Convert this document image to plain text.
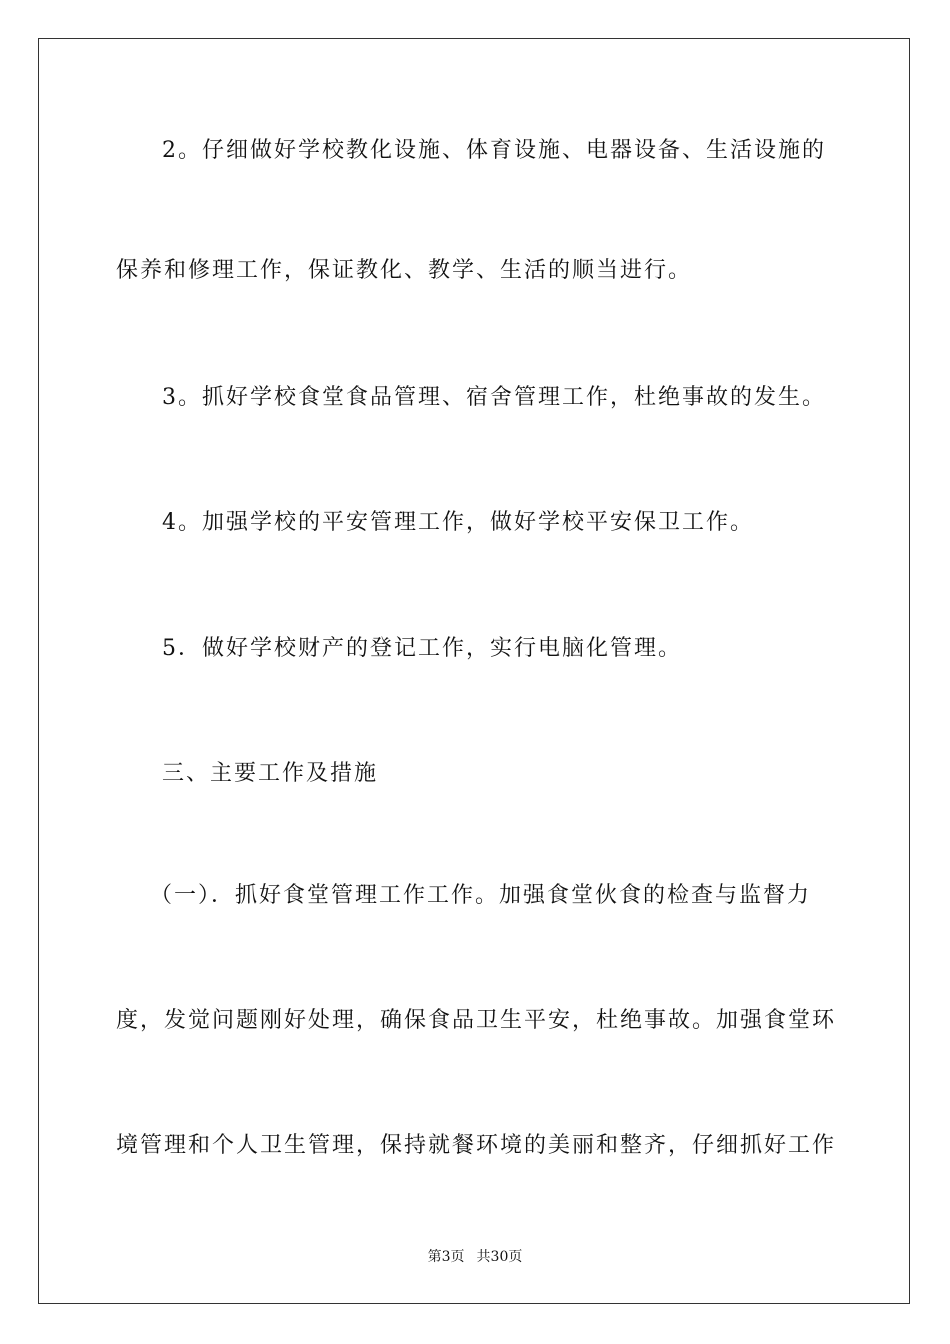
2。仔细做好学校教化设施、体育设施、电器设备、生活设施的
保养和修理工作，保证教化、教学、生活的顺当进行。
3。抓好学校食堂食品管理、宿舍管理工作，杜绝事故的发生。
4。加强学校的平安管理工作，做好学校平安保卫工作。
5．做好学校财产的登记工作，实行电脑化管理。
三、主要工作及措施
（一）．抓好食堂管理工作工作。加强食堂伙食的检查与监督力
度，发觉问题刚好处理，确保食品卫生平安，杜绝事故。加强食堂环
境管理和个人卫生管理，保持就餐环境的美丽和整齐，仔细抓好工作
第3页 共30页
